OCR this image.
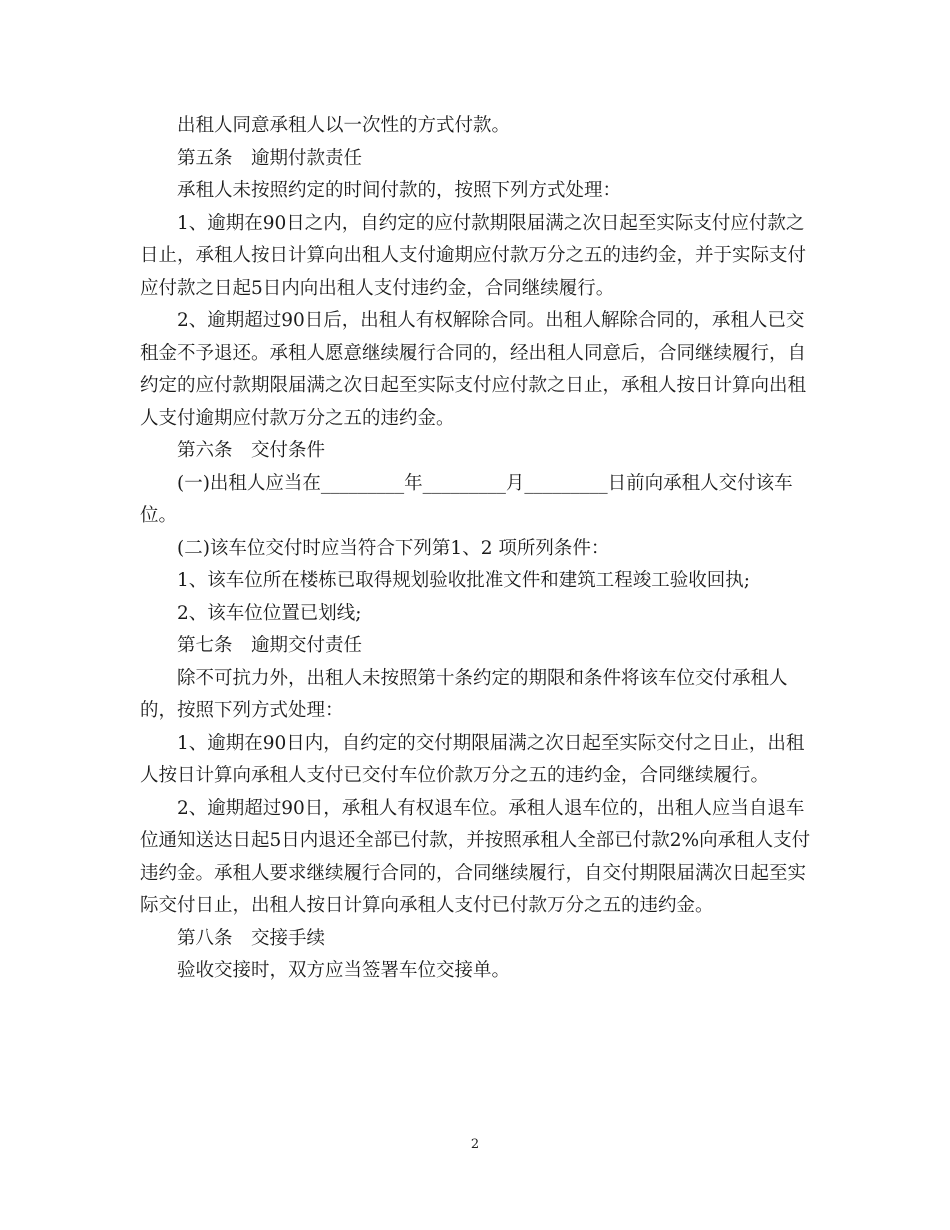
出租人同意承租人以一次性的方式付款。

第五条　逾期付款责任

承租人未按照约定的时间付款的，按照下列方式处理：

1、逾期在90日之内，自约定的应付款期限届满之次日起至实际支付应付款之日止，承租人按日计算向出租人支付逾期应付款万分之五的违约金，并于实际支付应付款之日起5日内向出租人支付违约金，合同继续履行。

2、逾期超过90日后，出租人有权解除合同。出租人解除合同的，承租人已交租金不予退还。承租人愿意继续履行合同的，经出租人同意后，合同继续履行，自约定的应付款期限届满之次日起至实际支付应付款之日止，承租人按日计算向出租人支付逾期应付款万分之五的违约金。

第六条　交付条件

(一)出租人应当在_________年_________月_________日前向承租人交付该车位。

(二)该车位交付时应当符合下列第1、2 项所列条件：

1、该车位所在楼栋已取得规划验收批准文件和建筑工程竣工验收回执;

2、该车位位置已划线;

第七条　逾期交付责任

除不可抗力外，出租人未按照第十条约定的期限和条件将该车位交付承租人的，按照下列方式处理：

1、逾期在90日内，自约定的交付期限届满之次日起至实际交付之日止，出租人按日计算向承租人支付已交付车位价款万分之五的违约金，合同继续履行。

2、逾期超过90日，承租人有权退车位。承租人退车位的，出租人应当自退车位通知送达日起5日内退还全部已付款，并按照承租人全部已付款2%向承租人支付违约金。承租人要求继续履行合同的，合同继续履行，自交付期限届满次日起至实际交付日止，出租人按日计算向承租人支付已付款万分之五的违约金。

第八条　交接手续

验收交接时，双方应当签署车位交接单。

2
